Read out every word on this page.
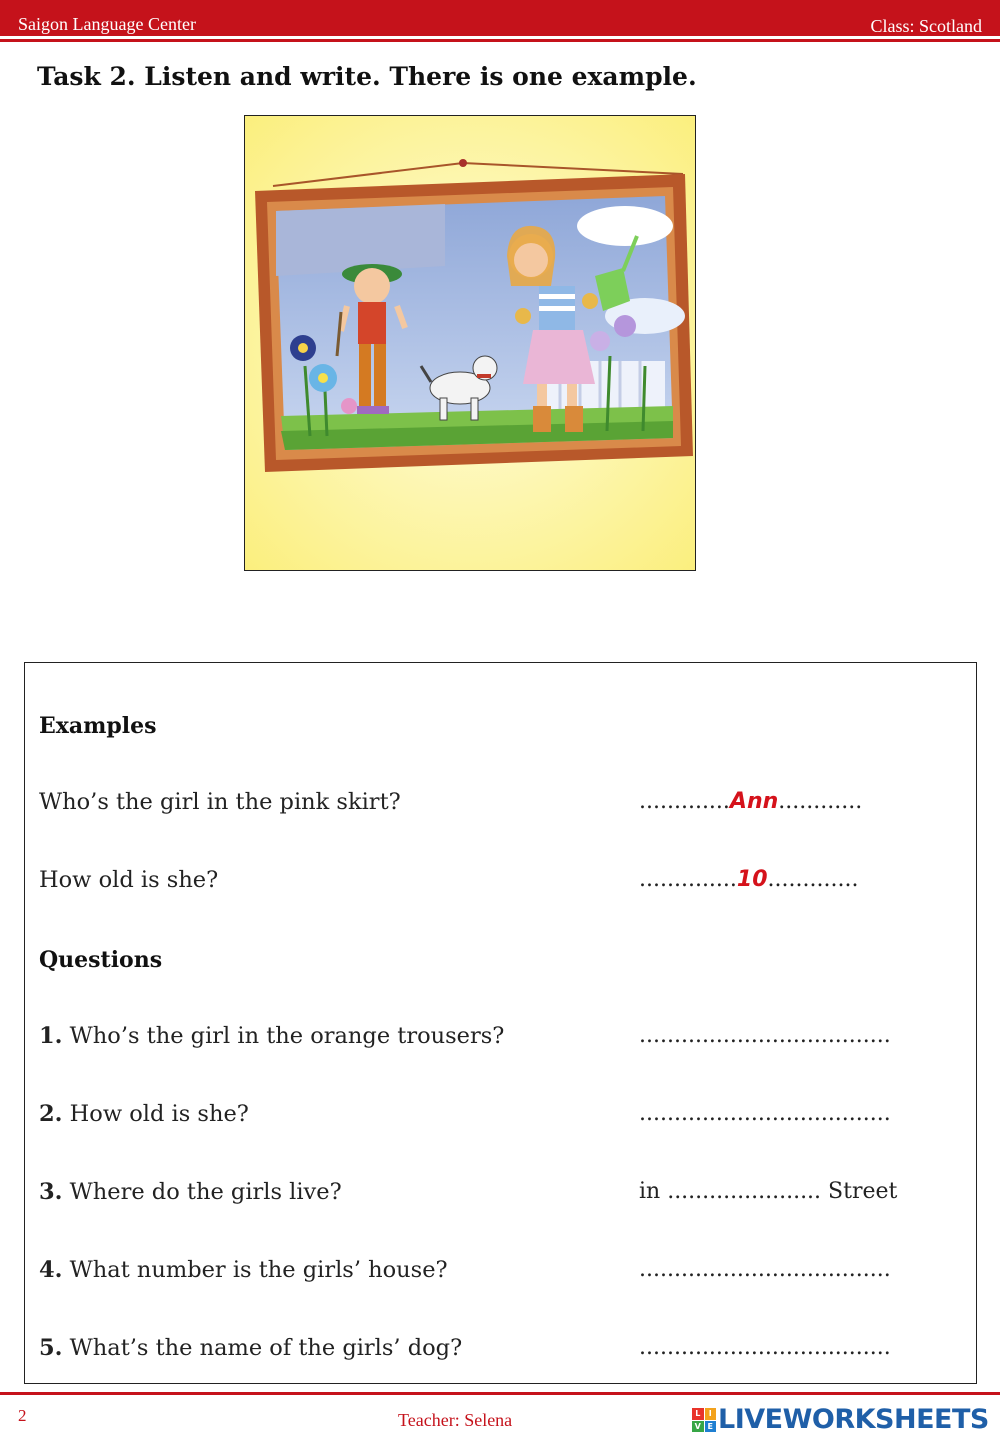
Saigon Language Center	Class: Scotland
Task 2. Listen and write. There is one example.
Examples
Who’s the girl in the pink skirt?	.............Ann............
How old is she?	..............10.............
Questions
1. Who’s the girl in the orange trousers?	....................................
2. How old is she?	....................................
3. Where do the girls live?	in ...................... Street
4. What number is the girls’ house?	....................................
5. What’s the name of the girls’ dog?	....................................
2	Teacher: Selena	L	I
V E LIVEWORKSHEETS
